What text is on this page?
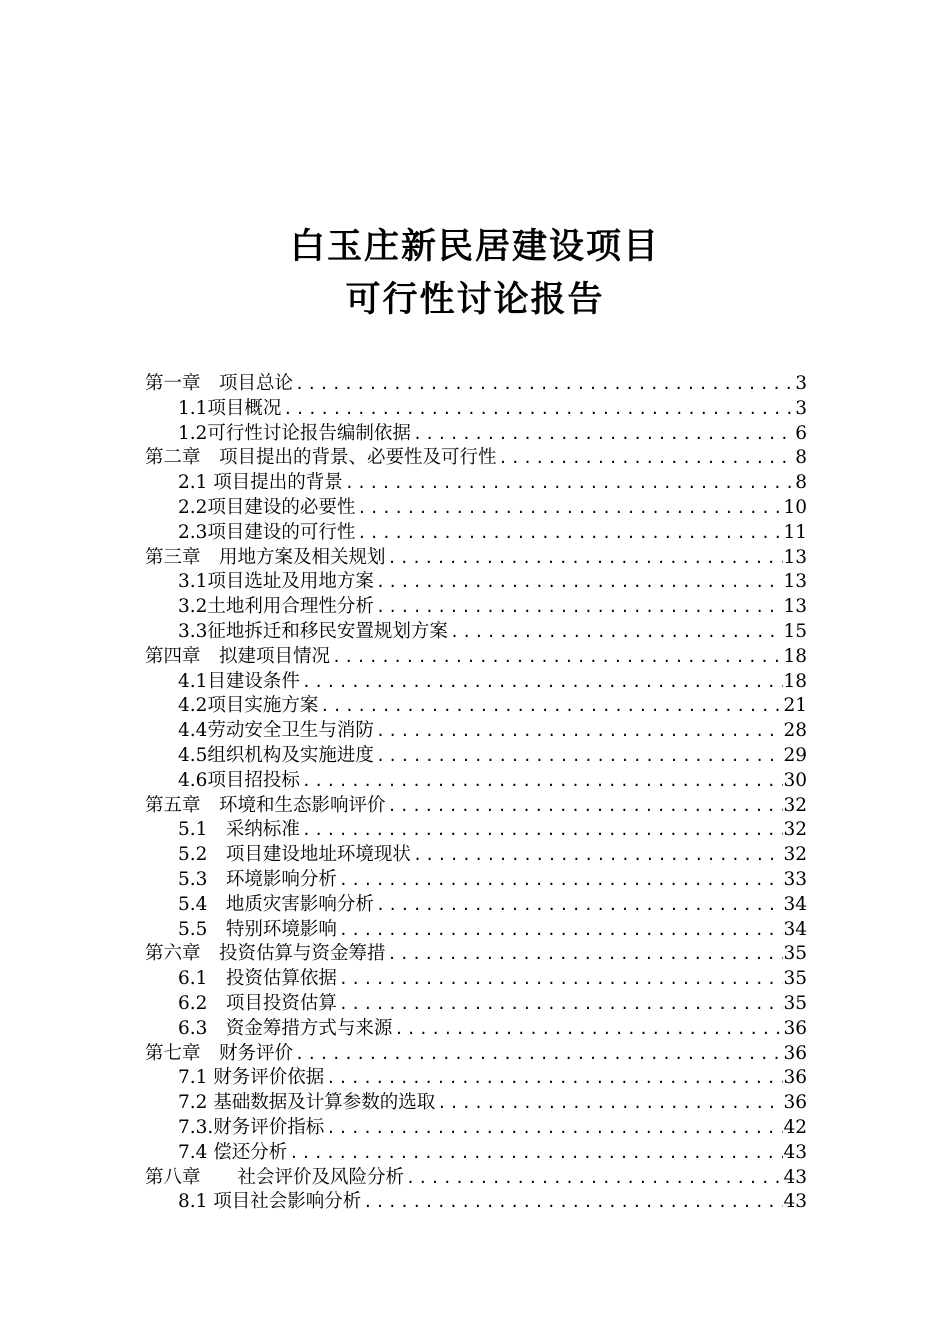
白玉庄新民居建设项目
可行性讨论报告
第一章　项目总论 .....	3
1.1项目概况 .....	3
1.2可行性讨论报告编制依据 .....	6
第二章　项目提出的背景、必要性及可行性 .....	8
2.1 项目提出的背景 .....	8
2.2项目建设的必要性 .....	10
2.3项目建设的可行性 .....	11
第三章　用地方案及相关规划 .....	13
3.1项目选址及用地方案 .....	13
3.2土地利用合理性分析 .....	13
3.3征地拆迁和移民安置规划方案 .....	15
第四章　拟建项目情况 .....	18
4.1目建设条件 .....	18
4.2项目实施方案 .....	21
4.4劳动安全卫生与消防 .....	28
4.5组织机构及实施进度 .....	29
4.6项目招投标 .....	30
第五章　环境和生态影响评价 .....	32
5.1　采纳标准 .....	32
5.2　项目建设地址环境现状 .....	32
5.3　环境影响分析 .....	33
5.4　地质灾害影响分析 .....	34
5.5　特别环境影响 .....	34
第六章　投资估算与资金筹措 .....	35
6.1　投资估算依据 .....	35
6.2　项目投资估算 .....	35
6.3　资金筹措方式与来源 .....	36
第七章　财务评价 .....	36
7.1 财务评价依据 .....	36
7.2 基础数据及计算参数的选取 .....	36
7.3.财务评价指标 .....	42
7.4 偿还分析 .....	43
第八章　　社会评价及风险分析 .....	43
8.1 项目社会影响分析 .....	43
